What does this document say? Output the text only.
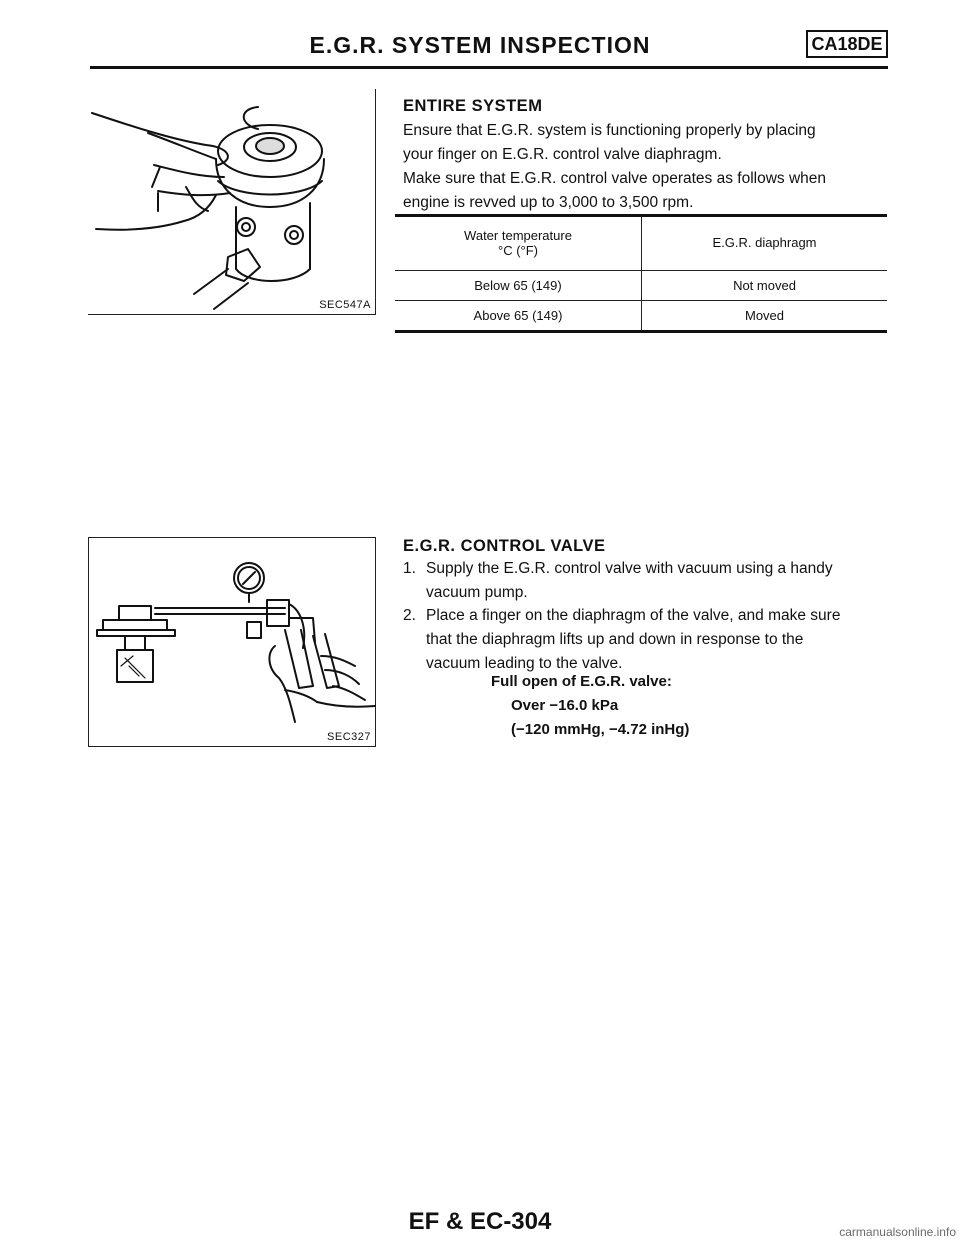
E.G.R. SYSTEM INSPECTION	CA18DE
SEC547A
ENTIRE SYSTEM
Ensure that E.G.R. system is functioning properly by placing
your finger on E.G.R. control valve diaphragm.
Make sure that E.G.R. control valve operates as follows when
engine is revved up to 3,000 to 3,500 rpm.
Water temperature
°C (°F)	E.G.R. diaphragm
Below 65 (149)	Not moved
Above 65 (149)	Moved
SEC327
E.G.R. CONTROL VALVE
1. Supply the E.G.R. control valve with vacuum using a handy
vacuum pump.
2. Place a finger on the diaphragm of the valve, and make sure
that the diaphragm lifts up and down in response to the
vacuum leading to the valve.
Full open of E.G.R. valve:
Over −16.0 kPa
(−120 mmHg, −4.72 inHg)
EF & EC-304	carmanualsonline.info
